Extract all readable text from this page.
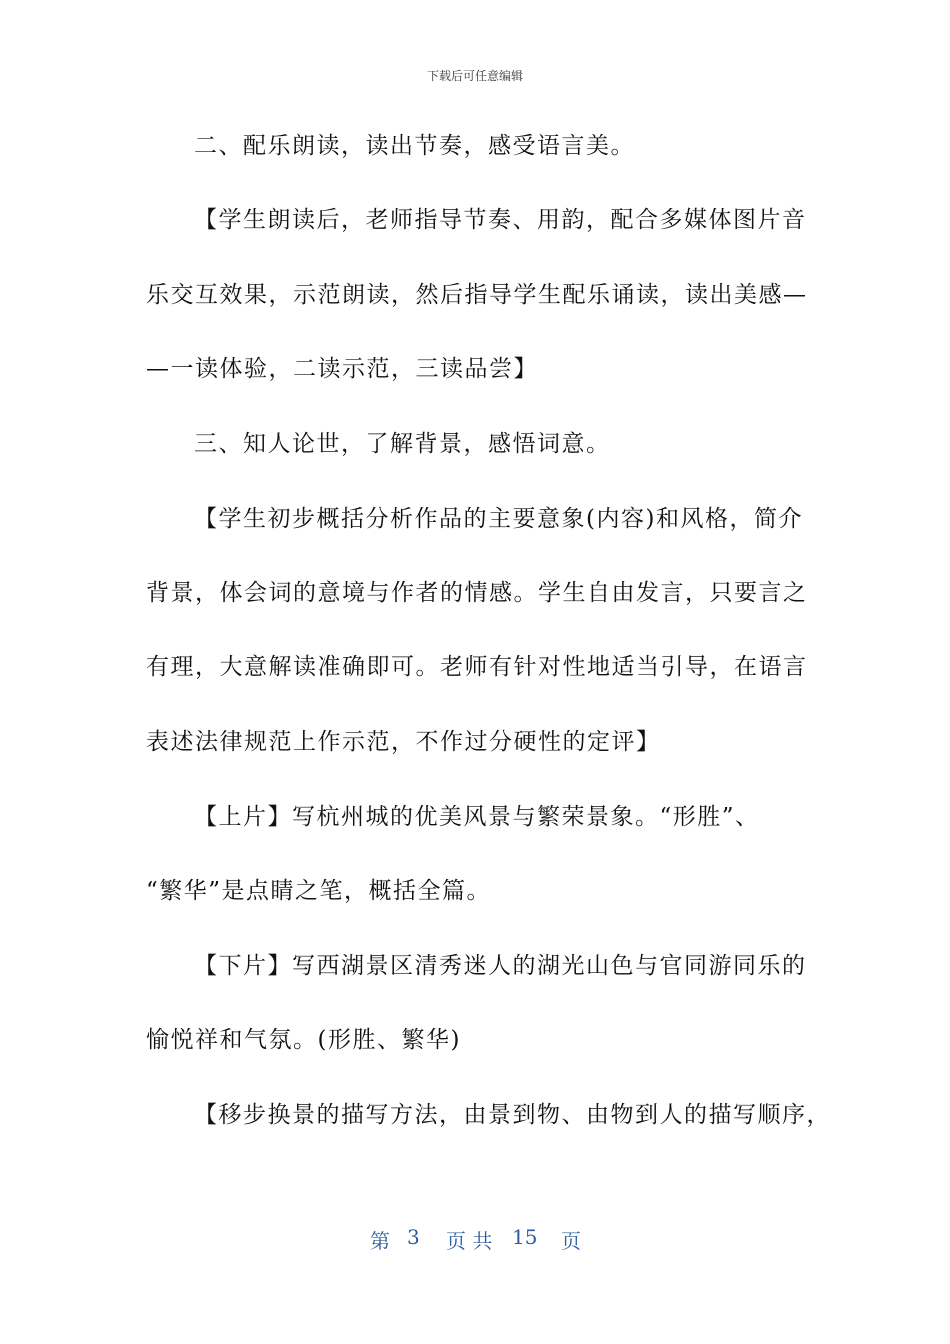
下载后可任意编辑
二、配乐朗读，读出节奏，感受语言美。
【学生朗读后，老师指导节奏、用韵，配合多媒体图片音
乐交互效果，示范朗读，然后指导学生配乐诵读，读出美感—
—一读体验，二读示范，三读品尝】
三、知人论世，了解背景，感悟词意。
【学生初步概括分析作品的主要意象(内容)和风格，简介
背景，体会词的意境与作者的情感。学生自由发言，只要言之
有理，大意解读准确即可。老师有针对性地适当引导，在语言
表述法律规范上作示范，不作过分硬性的定评】
【上片】写杭州城的优美风景与繁荣景象。“形胜”、
“繁华”是点睛之笔，概括全篇。
【下片】写西湖景区清秀迷人的湖光山色与官同游同乐的
愉悦祥和气氛。(形胜、繁华)
【移步换景的描写方法，由景到物、由物到人的描写顺序，
第 3 页 共 15 页
